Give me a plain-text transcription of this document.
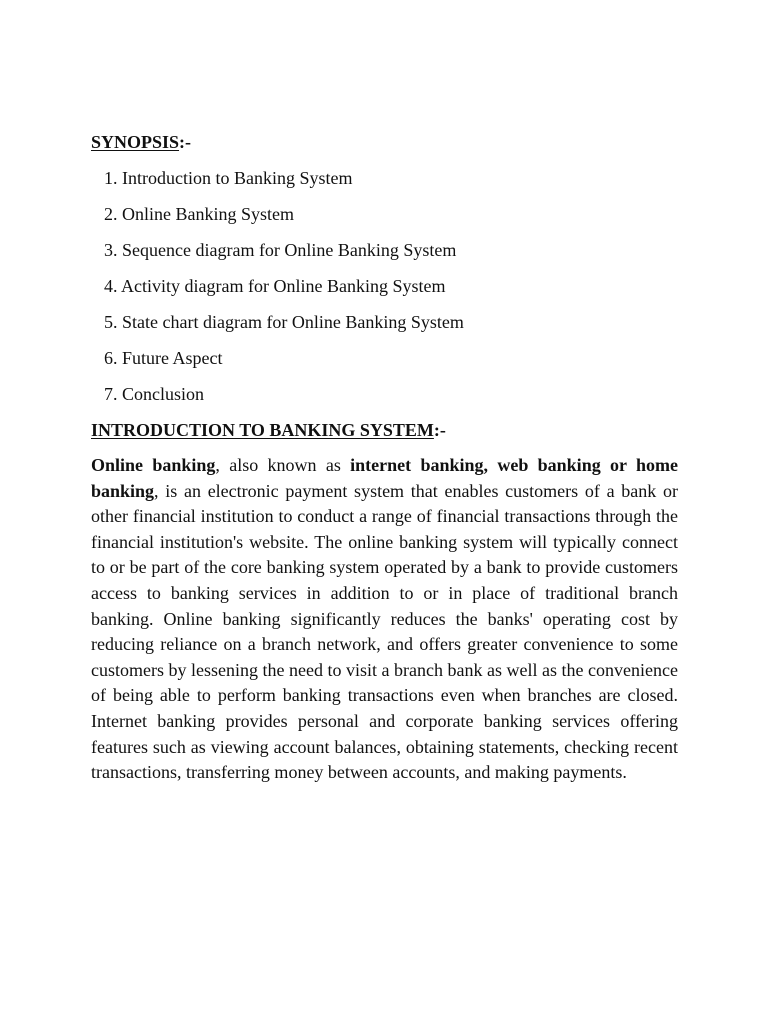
SYNOPSIS:-
1. Introduction to Banking System
2. Online Banking System
3. Sequence diagram for Online Banking System
4. Activity diagram for Online Banking System
5. State chart diagram for Online Banking System
6. Future Aspect
7. Conclusion
INTRODUCTION TO BANKING SYSTEM:-

Online banking, also known as internet banking, web banking or home banking, is an electronic payment system that enables customers of a bank or other financial institution to conduct a range of financial transactions through the financial institution's website. The online banking system will typically connect to or be part of the core banking system operated by a bank to provide customers access to banking services in addition to or in place of traditional branch banking. Online banking significantly reduces the banks' operating cost by reducing reliance on a branch network, and offers greater convenience to some customers by lessening the need to visit a branch bank as well as the convenience of being able to perform banking transactions even when branches are closed. Internet banking provides personal and corporate banking services offering features such as viewing account balances, obtaining statements, checking recent transactions, transferring money between accounts, and making payments.
